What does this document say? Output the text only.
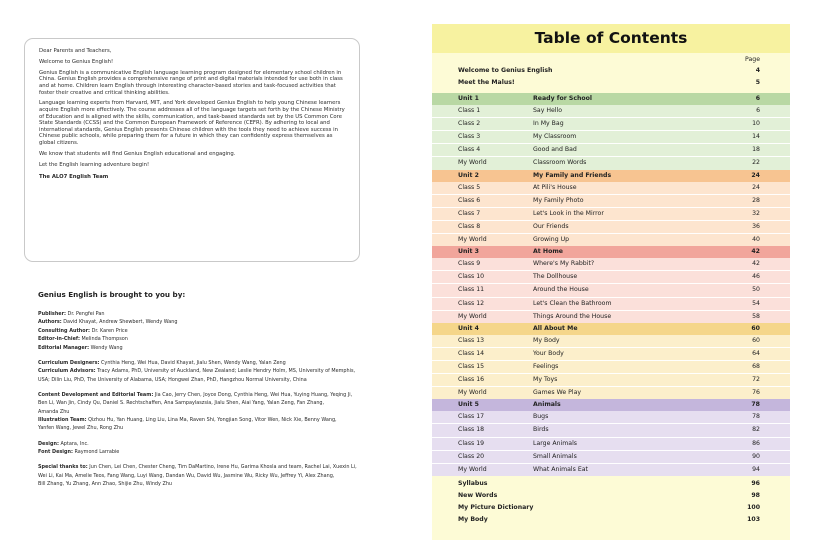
Dear Parents and Teachers,

Welcome to Genius English!

Genius English is a communicative English language learning program designed for elementary school children in China. Genius English provides a comprehensive range of print and digital materials intended for use both in class and at home. Children learn English through interesting character-based stories and task-focused activities that foster their creative and critical thinking abilities.

Language learning experts from Harvard, MIT, and York developed Genius English to help young Chinese learners acquire English more effectively. The course addresses all of the language targets set forth by the Chinese Ministry of Education and is aligned with the skills, communication, and task-based standards set by the US Common Core State Standards (CCSS) and the Common European Framework of Reference (CEFR). By adhering to local and international standards, Genius English presents Chinese children with the tools they need to achieve success in Chinese public schools, while preparing them for a future in which they can confidently express themselves as global citizens.

We know that students will find Genius English educational and engaging.

Let the English learning adventure begin!

The ALO7 English Team

Genius English is brought to you by:
Publisher: Dr. Pengfei Pan
Authors: David Khayat, Andrew Shewbert, Wendy Wang
Consulting Author: Dr. Karen Price
Editor-in-Chief: Melinda Thompson
Editorial Manager: Wendy Wang
Curriculum Designers: Cynthia Heng, Wei Hua, David Khayat, Jialu Shen, Wendy Wang, Yalan Zeng
Curriculum Advisors: Tracy Adams, PhD, University of Auckland, New Zealand; Leslie Hendry Holm, MS, University of Memphis,
USA; Dilin Liu, PhD, The University of Alabama, USA; Hongwei Zhan, PhD, Hangzhou Normal University, China
Content Development and Editorial Team: Jia Cao, Jerry Chen, Joyce Dong, Cynthia Heng, Wei Hua, Yuying Huang, Yeqing Ji,
Ben Li, Wan Jin, Cindy Qu, Daniel S. Rechtschaffen, Ana Sampaylaszsia, Jialu Shen, Aiai Yang, Yalan Zeng, Fan Zhang,
Amanda Zhu
Illustration Team: Qizhou Hu, Yan Huang, Ling Liu, Lina Ma, Raven Shi, Yongjian Song, Vitor Wen, Nick Xie, Benny Wang,
Yanfen Wang, Jewel Zhu, Rong Zhu
Design: Aptara, Inc.
Font Design: Raymond Larrabie
Special thanks to: Jun Chen, Lei Chen, Chester Cheng, Tim DaMartino, Irene Hu, Garima Khosla and team, Rachel Lai, Xuexin Li,
Wei Li, Kai Ma, Amelie Teos, Fang Wang, Luyi Wang, Dandan Wu, David Wu, Jasmine Wu, Ricky Wu, Jeffrey Yi, Alex Zhang,
Bill Zhang, Yu Zhang, Ann Zhao, Shijie Zhu, Windy Zhu
Table of Contents
Page
Welcome to Genius English	4
Meet the Malus!	5
Unit 1	Ready for School	6
Class 1	Say Hello	6
Class 2	In My Bag	10
Class 3	My Classroom	14
Class 4	Good and Bad	18
My World	Classroom Words	22
Unit 2	My Family and Friends	24
Class 5	At Pili's House	24
Class 6	My Family Photo	28
Class 7	Let's Look in the Mirror	32
Class 8	Our Friends	36
My World	Growing Up	40
Unit 3	At Home	42
Class 9	Where's My Rabbit?	42
Class 10	The Dollhouse	46
Class 11	Around the House	50
Class 12	Let's Clean the Bathroom	54
My World	Things Around the House	58
Unit 4	All About Me	60
Class 13	My Body	60
Class 14	Your Body	64
Class 15	Feelings	68
Class 16	My Toys	72
My World	Games We Play	76
Unit 5	Animals	78
Class 17	Bugs	78
Class 18	Birds	82
Class 19	Large Animals	86
Class 20	Small Animals	90
My World	What Animals Eat	94
Syllabus	96
New Words	98
My Picture Dictionary	100
My Body	103
